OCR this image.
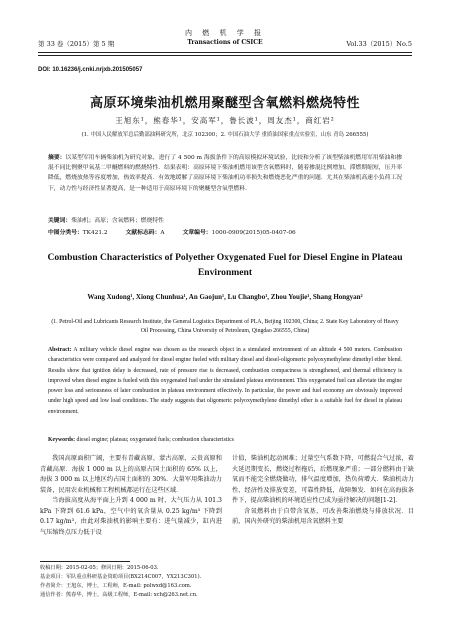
第 33 卷（2015）第 5 期
内 燃 机 学 报
Transactions of CSICE	Vol.33（2015）No.5
DOI: 10.16236/j.cnki.nrjxb.201505057
高原环境柴油机燃用聚醚型含氧燃料燃烧特性
王旭东¹，熊春华¹，安高军¹，鲁长波¹，周友杰¹，商红岩²
(1. 中国人民解放军总后勤部油料研究所，北京 102300；2. 中国石油大学 重质油国家重点实验室，山东 青岛 266555)
摘要：以某型军用车辆柴油机为研究对象，进行了 4 500 m 海拔条件下的高原模拟环境试验，比较和分析了该型柴油机燃用军用柴油和掺混不同比例聚甲氧基二甲醚燃料的燃烧特性．结果表明：高原环境下柴油机燃用该型含氧燃料时，随着掺混比例增加，滞燃期缩短，压升率降低，燃烧放热等容度增加，热效率提高．有效地缓解了高原环境下柴油机功率损失和燃烧恶化严重的问题．尤其在柴油机高速小负荷工况下，动力性与经济性显著提高，是一种适用于高原环境下的聚醚型含氧型燃料.
关键词：柴油机；高原；含氧燃料；燃烧特性
中图分类号：TK421.2	文献标志码：A	文章编号：1000-0909(2015)05-0407-06
Combustion Characteristics of Polyether Oxygenated Fuel for Diesel Engine in Plateau Environment
Wang Xudong¹, Xiong Chunhua¹, An Gaojun¹, Lu Changbo¹, Zhou Youjie¹, Shang Hongyan²
(1. Petrol-Oil and Lubricants Research Institute, the General Logistics Department of PLA, Beijing 102300, China; 2. State Key Laboratory of Heavy Oil Processing, China University of Petroleum, Qingdao 266555, China)
Abstract: A military vehicle diesel engine was chosen as the research object in a simulated environment of an altitude 4 500 meters. Combustion characteristics were compared and analyzed for diesel engine fueled with military diesel and diesel-oligomeric polyoxymethylene dimethyl ether blend. Results show that ignition delay is decreased, rate of pressure rise is decreased, combustion compactness is strengthened, and thermal efficiency is improved when diesel engine is fueled with this oxygenated fuel under the simulated plateau environment. This oxygenated fuel can alleviate the engine power loss and seriousness of later combustion in plateau environment effectively. In particular, the power and fuel economy are obviously improved under high speed and low load conditions. The study suggests that oligomeric polyoxymethylene dimethyl ether is a suitable fuel for diesel in plateau environment.
Keywords: diesel engine; plateau; oxygenated fuels; combustion characteristics

我国高原面积广阔，主要有青藏高原、蒙古高原、云贵高原和青藏高原．海拔 1 000 m 以上的高原占国土面积的 65% 以上，海拔 3 000 m 以上地区约占国土面积的 30%．大量军用柴油动力装备，民用农业机械和工程机械都运行在这些区域．

当海拔高度从海平面上升到 4 000 m 时，大气压力从 101.3 kPa 下降到 61.6 kPa，空气中的氧含量从 0.25 kg/m³ 下降到 0.17 kg/m³，由此对柴油机的影响主要有：进气量减少，缸内进气压缩终点压力低于设

计值，柴油机起动困难；过量空气系数下降，可燃混合气过浓，着火延迟期变长，燃烧过程拖后，后燃现象严重；一部分燃料由于缺氧而不能完全燃烧做功，排气温度增加，热负荷增大．柴油机动力性、经济性及排放变差，可靠性降低，故障频发．如何在高海拔条件下，提高柴油机的环境适应性已成为亟待解决的问题[1-2]．

含氧燃料由于自带含氧基，可改善柴油燃烧与排放状况．目前，国内外研究的柴油机用含氧燃料主要

收稿日期：2015-02-05；修回日期：2015-06-03.
基金项目：军队重点科研基金资助项目(BX214C007，YX213C301).
作者简介：王旭东，博士，工程师，E-mail: polwxd@163.com.
通信作者：熊春华，博士，高级工程师，E-mail: xch@263.net.cn.
